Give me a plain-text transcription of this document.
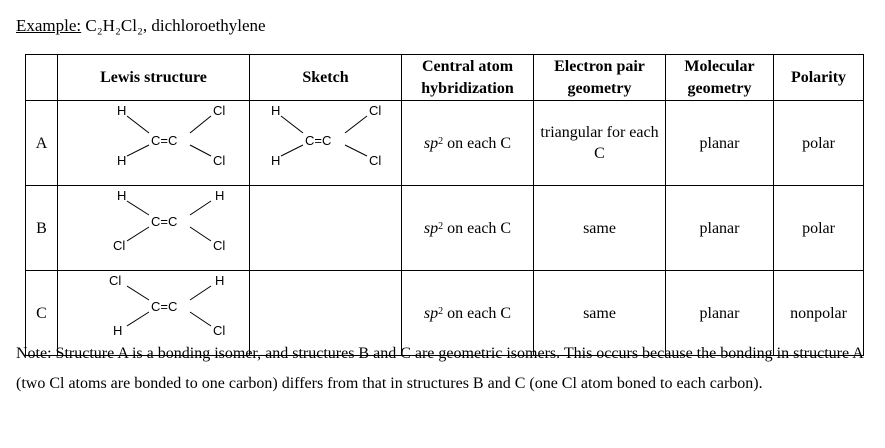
Example: C₂H₂Cl₂, dichloroethylene
	Lewis structure	Sketch	Central atom hybridization	Electron pair geometry	Molecular geometry	Polarity
A	H Cl
C=C
H Cl	H Cl
C=C
H Cl	$sp^2$ on each C	triangular for each C	planar	polar
B	H H
C=C
Cl Cl		$sp^2$ on each C	same	planar	polar
C	Cl H
C=C
H Cl		$sp^2$ on each C	same	planar	nonpolar
Note: Structure A is a bonding isomer, and structures B and C are geometric isomers. This occurs because the bonding in structure A (two Cl atoms are bonded to one carbon) differs from that in structures B and C (one Cl atom boned to each carbon).
